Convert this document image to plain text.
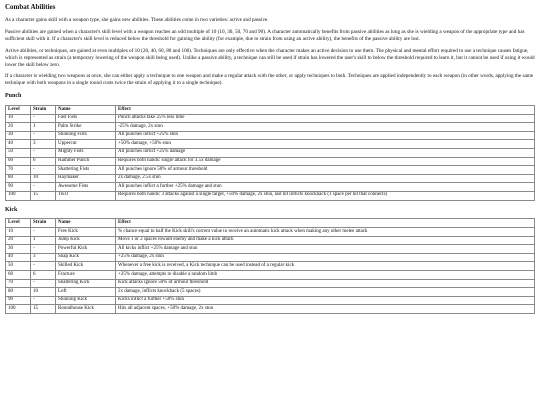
Combat Abilities

As a character gains skill with a weapon type, she gains new abilities. These abilities come in two varieties: active and passive.

Passive abilities are gained when a character's skill level with a weapon reaches an odd multiple of 10 (10, 30, 50, 70 and 90). A character automatically benefits from passive abilities as long as she is wielding a weapon of the appropriate type and has sufficient skill with it. If a character's skill level is reduced below the threshold for gaining the ability (for example, due to strain from using an active ability), the benefits of the passive ability are lost.

Active abilities, or techniques, are gained at even multiples of 10 (20, 40, 60, 80 and 100). Techniques are only effective when the character makes an active decision to use them. The physical and mental effort required to use a technique causes fatigue, which is represented as strain (a temporary lowering of the weapon skill being used). Unlike a passive ability, a technique can still be used if strain has lowered the user's skill to below the threshold required to learn it, but it cannot be used if using it would lower the skill below zero.

If a character is wielding two weapons at once, she can either apply a technique to one weapon and make a regular attack with the other, or apply techniques to both. Techniques are applied independently to each weapon (in other words, applying the same technique with both weapons in a single round costs twice the strain of applying it to a single technique).

Punch
Level	Strain	Name	Effect
10	-	Fast Fists	Punch attacks take 25% less time
20	1	Palm Strike	-25% damage, 2x stun
30	-	Stunning Fists	All punches inflict +25% stun
40	3	Uppercut	+50% damage, +50% stun
50	-	Mighty Fists	All punches inflict +25% damage
60	6	Hammer Punch	Requires both hands: single attack for 3.5x damage
70	-	Shattering Fists	All punches ignore 50% of armour threshold
80	10	Haymaker	2x damage, 2.5x stun
90	-	Awesome Fists	All punches inflict a further +25% damage and stun
100	15	TKO	Requires both hands: 3 attacks against a single target, +50% damage, 2x stun, last hit inflicts knockback (1 space per hit that connects)
Kick
Level	Strain	Name	Effect
10	-	Free Kick	% chance equal to half the Kick skill's current value to receive an automatic kick attack when making any other melee attack
20	1	Jump Kick	Move 1 or 2 spaces toward enemy and make a kick attack
30	-	Powerful Kick	All kicks inflict +25% damage and stun
40	3	Snap Kick	+25% damage, 2x stun
50	-	Skilled Kick	Whenever a free kick is received, a Kick technique can be used instead of a regular kick
60	6	Fracture	+25% damage, attempts to disable a random limb
70	-	Shattering Kick	Kick attacks ignore 50% of armour threshold
80	10	Loft	2x damage, inflicts knockback (5 spaces)
90	-	Stunning Kick	Kicks inflict a further +50% stun
100	15	Roundhouse Kick	Hits all adjacent spaces, +50% damage, 2x stun
